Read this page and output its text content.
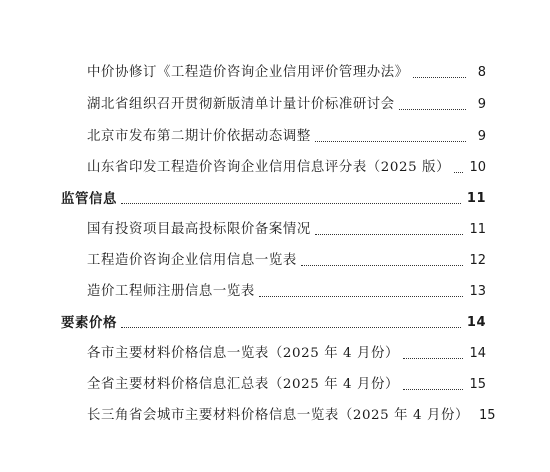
中价协修订《工程造价咨询企业信用评价管理办法》	8
湖北省组织召开贯彻新版清单计量计价标准研讨会	9
北京市发布第二期计价依据动态调整	9
山东省印发工程造价咨询企业信用信息评分表（2025 版） 10
监管信息	11
国有投资项目最高投标限价备案情况	11
工程造价咨询企业信用信息一览表	12
造价工程师注册信息一览表	13
要素价格	14
各市主要材料价格信息一览表（2025 年 4 月份）	14
全省主要材料价格信息汇总表（2025 年 4 月份）	15
长三角省会城市主要材料价格信息一览表（2025 年 4 月份） 15
